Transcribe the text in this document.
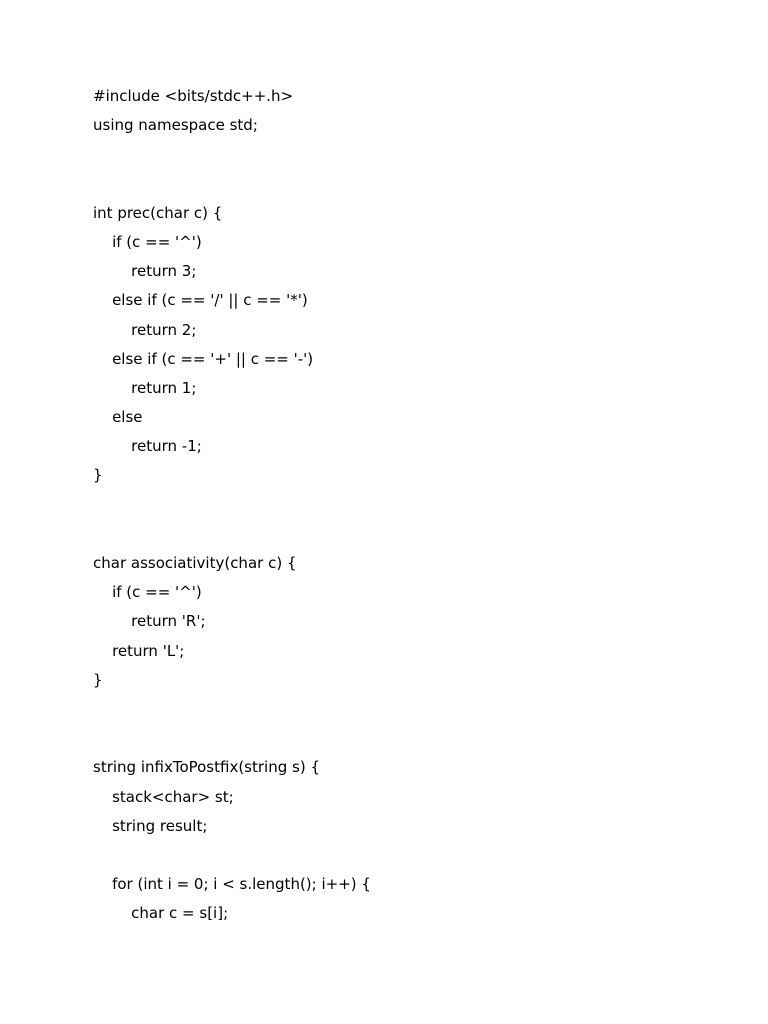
#include <bits/stdc++.h>
using namespace std;
int prec(char c) {
if (c == '^')
return 3;
else if (c == '/' || c == '*')
return 2;
else if (c == '+' || c == '-')
return 1;
else
return -1;
}
char associativity(char c) {
if (c == '^')
return 'R';
return 'L';
}
string infixToPostfix(string s) {
stack<char> st;
string result;
for (int i = 0; i < s.length(); i++) {
char c = s[i];
